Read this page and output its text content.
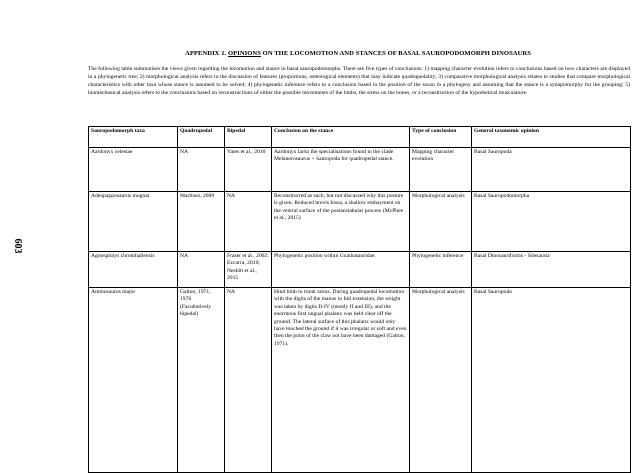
603
APPENDIX 1. OPINIONS ON THE LOCOMOTION AND STANCES OF BASAL SAUROPODOMORPH DINOSAURS
The following table summarises the views given regarding the locomotion and stance in basal sauropodomorphs. There are five types of conclusions: 1) mapping character evolution refers to conclusions based on how characters are displayed in a phylogenetic tree; 2) morphological analysis refers to the discussion of features (proportions, osteological elements) that may indicate quadrupedality; 3) comparative morphological analysis relates to studies that compare morphological characteristics with other taxa whose stance is assumed to be solved; 4) phylogenetic inference refers to a conclusion based in the position of the taxon in a phylogeny and assuming that the stance is a synapomorphy for the grouping; 5) biomechanical analysis refers to the conclusions based on reconstructions of either the possible movements of the limbs, the stress on the bones, or a reconstruction of the hypothetical musculature.
Sauropodomorph taxa	Quadrupedal	Bipedal	Conclusion on the stance	Type of conclusion	General taxonomic opinion
Aardonyx celestae	NA	Yates et al., 2010	Aardonyx lacks the specialisations found in the clade Melanorosaurus + Sauropoda for quadrupedal stance.	Mapping character evolution	Basal Sauropoda
Adeopapposaurus mognai	Martinez, 2009	NA	Reconstructed as such, but not discussed why this posture is given. Reduced brevis fossa, a shallow embayment on the ventral surface of the postacetabular process (McPhee et al., 2015)	Morphological analysis	Basal Sauropodomorpha
Agnosphitys chromhallensis	NA	Fraser et al., 2002; Ezcurra, 2010; Nesbitt et al., 2015	Phylogenetic position within Guaibasauridae.	Phylogenetic inference	Basal Dinosauriforms - Silesauria
Ammosaurus major	Galton, 1971, 1976 (Facultatively bipedal)	NA	Hind limb to trunk ratios. During quadrupedal locomotion with the digits of the manus in full extension, the weight was taken by digits II-IV (mostly II and III), and the enormous first ungual phalanx was held clear off the ground. The lateral surface of this phalanx would only have touched the ground if it was irregular or soft and even then the point of the claw not have been damaged (Galton, 1971).	Morphological analysis	Basal Sauropoda
